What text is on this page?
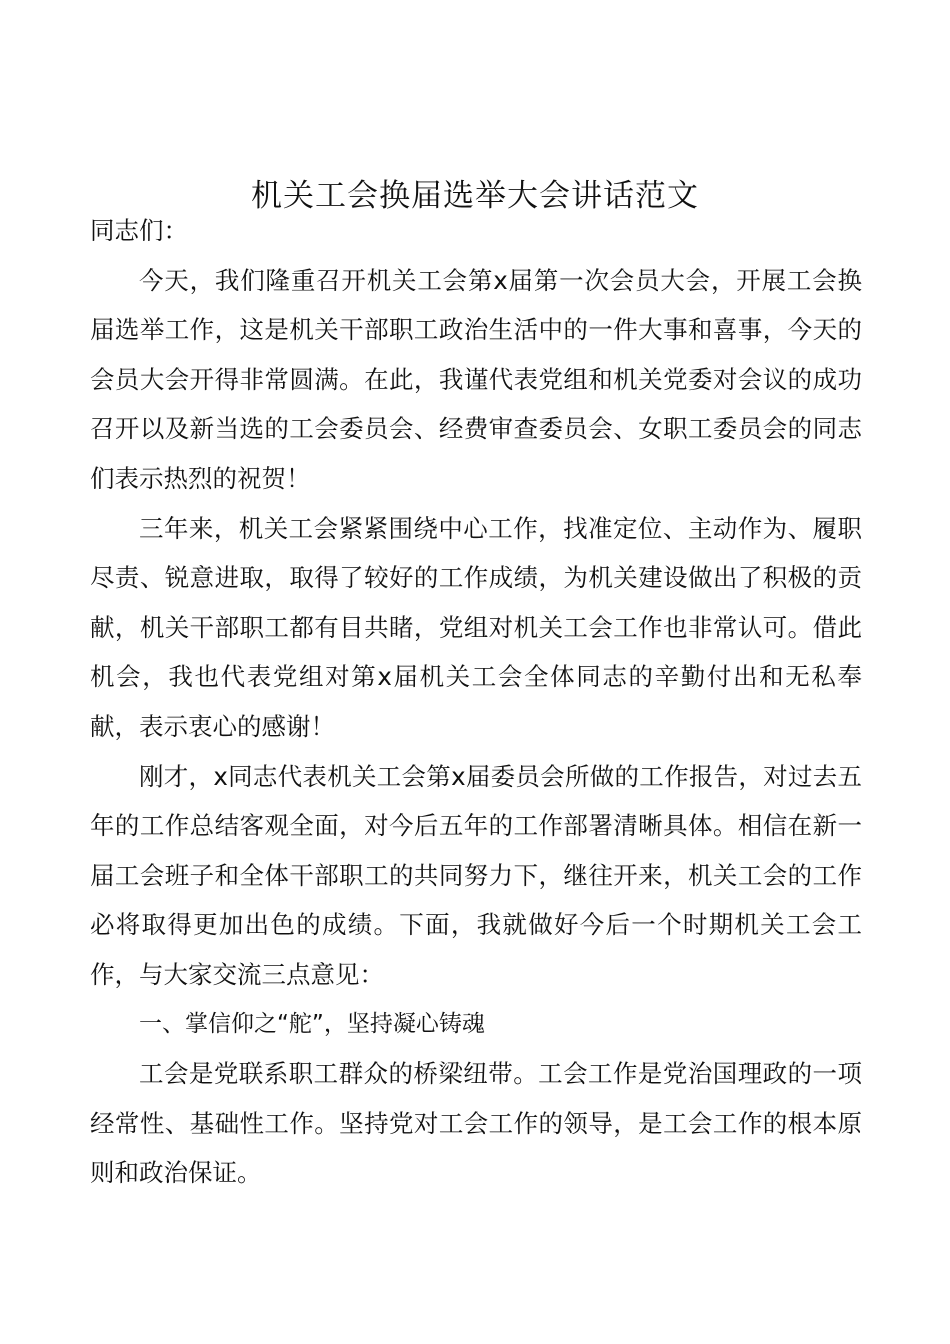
机关工会换届选举大会讲话范文

同志们：

今天，我们隆重召开机关工会第x届第一次会员大会，开展工会换届选举工作，这是机关干部职工政治生活中的一件大事和喜事，今天的会员大会开得非常圆满。在此，我谨代表党组和机关党委对会议的成功召开以及新当选的工会委员会、经费审查委员会、女职工委员会的同志们表示热烈的祝贺！

三年来，机关工会紧紧围绕中心工作，找准定位、主动作为、履职尽责、锐意进取，取得了较好的工作成绩，为机关建设做出了积极的贡献，机关干部职工都有目共睹，党组对机关工会工作也非常认可。借此机会，我也代表党组对第x届机关工会全体同志的辛勤付出和无私奉献，表示衷心的感谢！

刚才，x同志代表机关工会第x届委员会所做的工作报告，对过去五年的工作总结客观全面，对今后五年的工作部署清晰具体。相信在新一届工会班子和全体干部职工的共同努力下，继往开来，机关工会的工作必将取得更加出色的成绩。下面，我就做好今后一个时期机关工会工作，与大家交流三点意见：

一、掌信仰之“舵”，坚持凝心铸魂

工会是党联系职工群众的桥梁纽带。工会工作是党治国理政的一项经常性、基础性工作。坚持党对工会工作的领导，是工会工作的根本原则和政治保证。
